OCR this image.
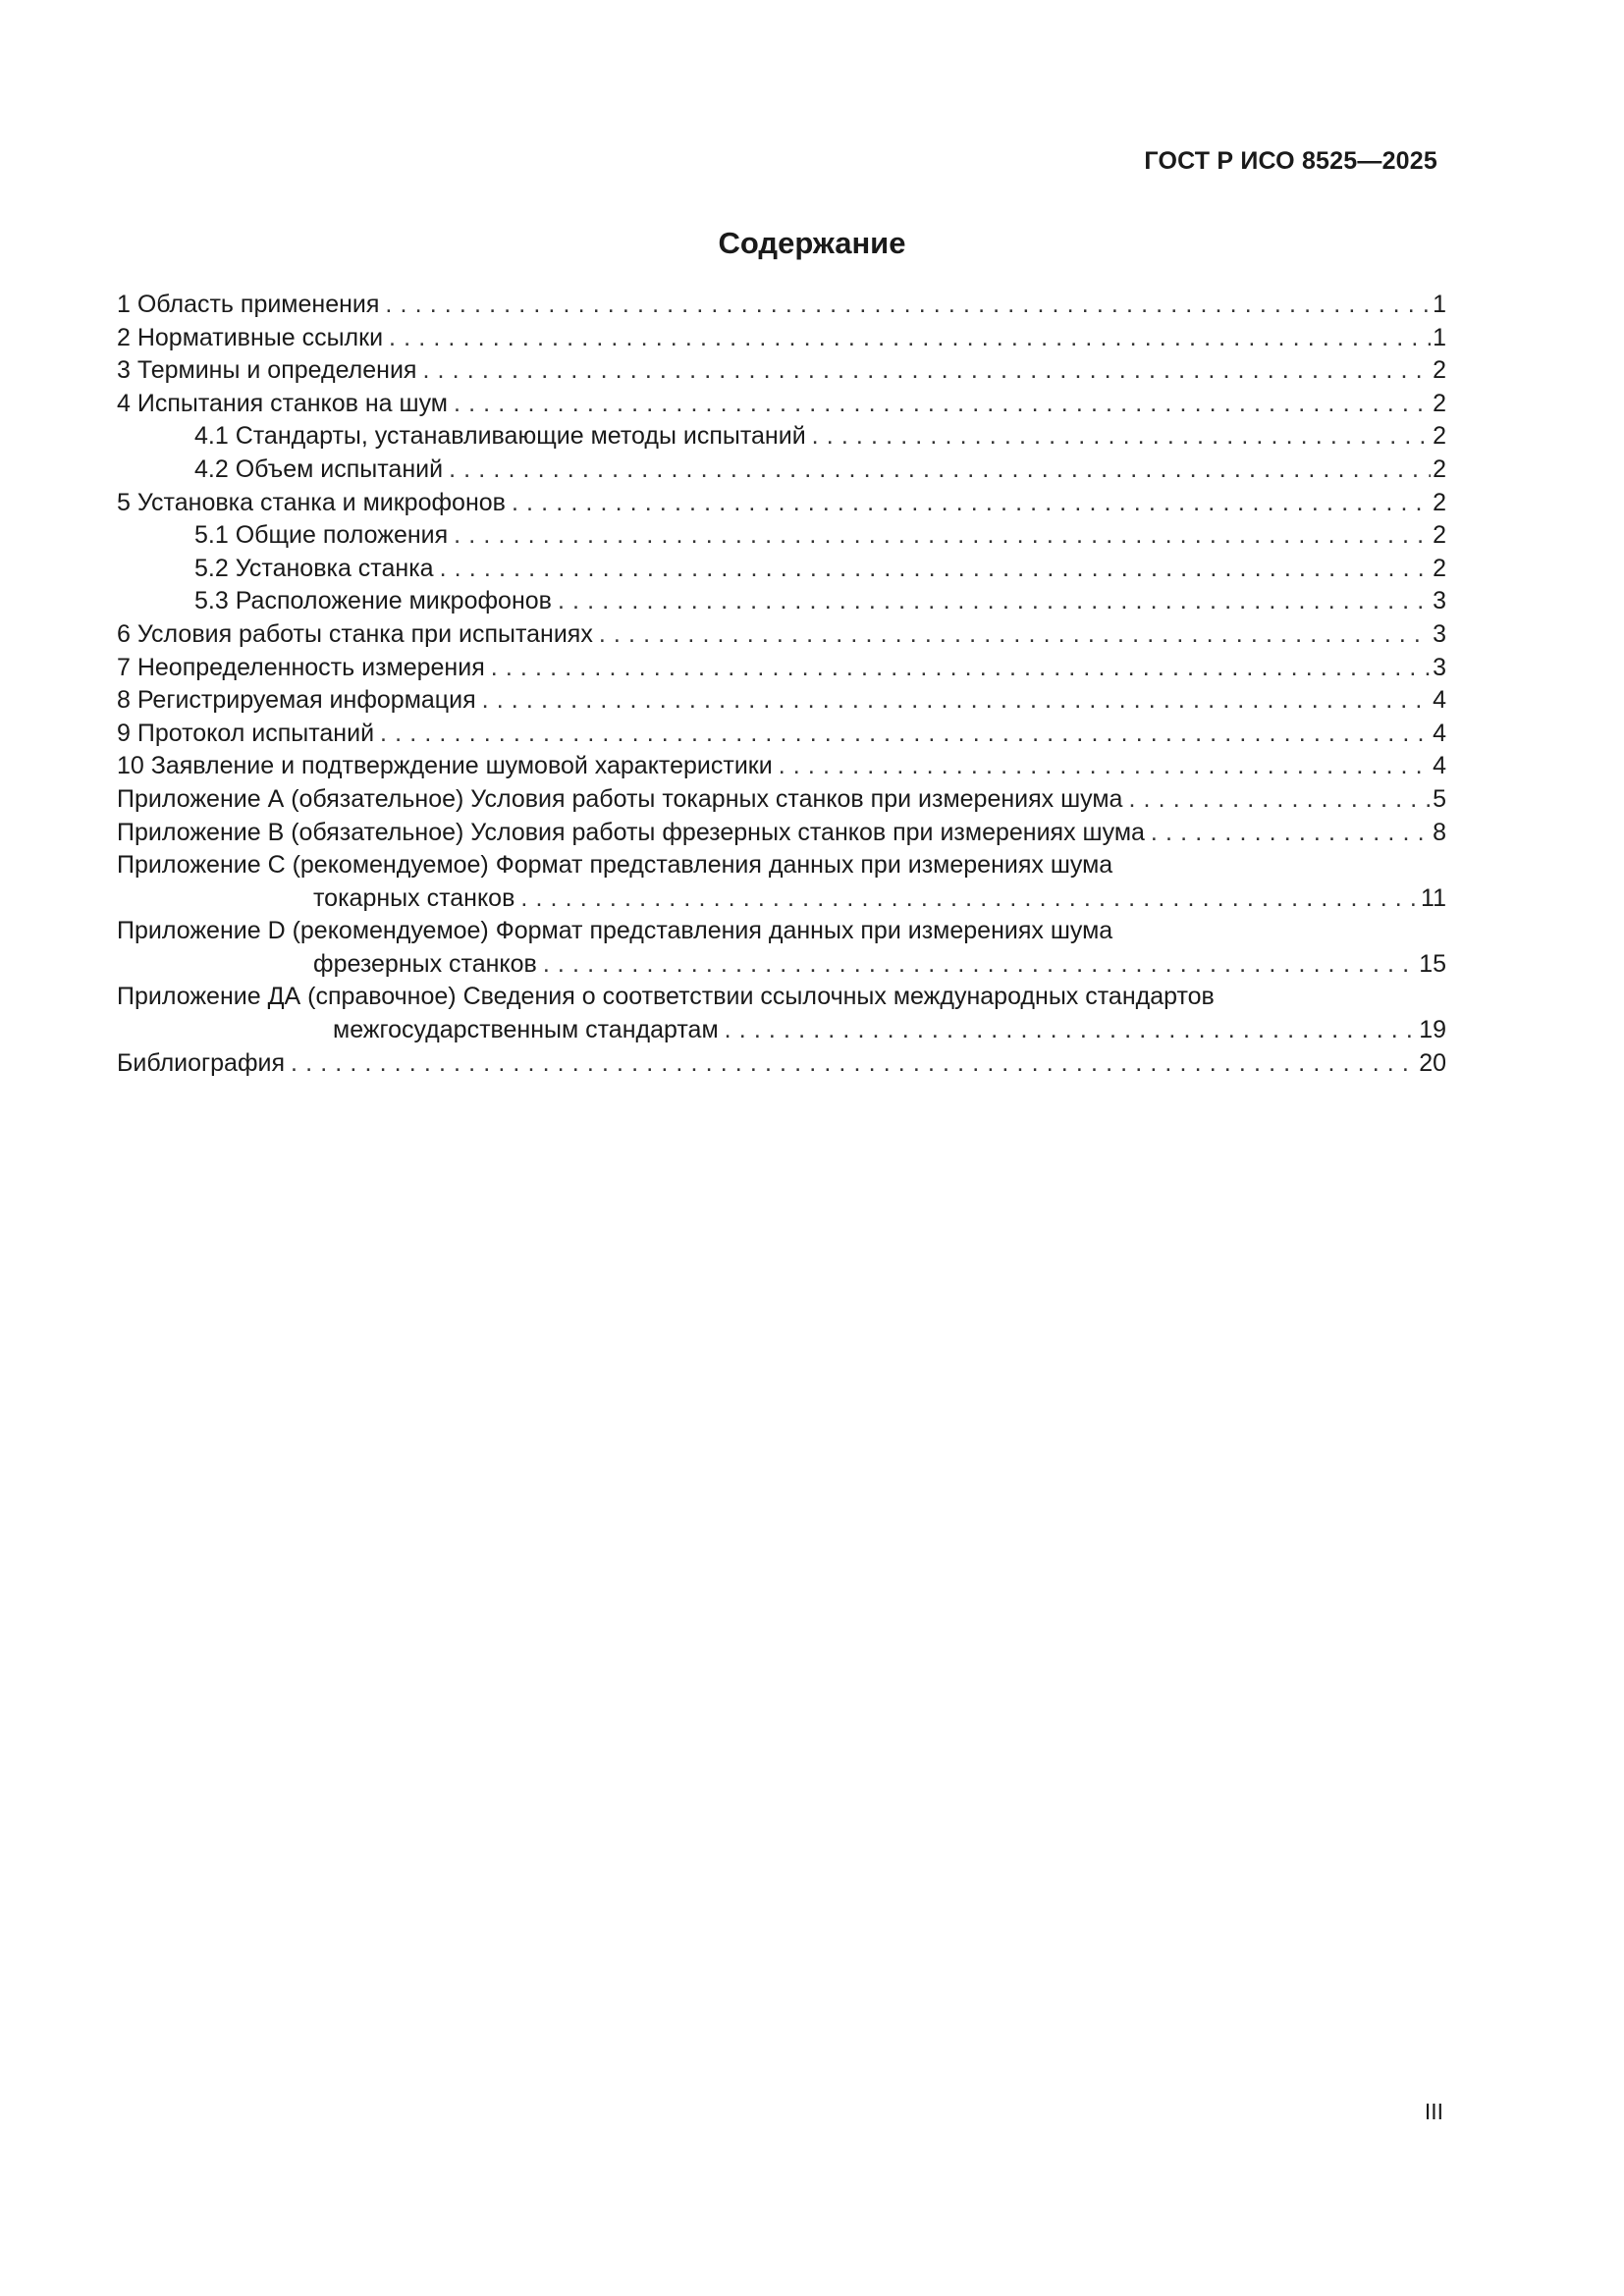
ГОСТ Р ИСО 8525—2025
Содержание
1 Область применения . . .	1
2 Нормативные ссылки . . .	1
3 Термины и определения . . .	2
4 Испытания станков на шум . . .	2
4.1 Стандарты, устанавливающие методы испытаний . . .	2
4.2 Объем испытаний . . .	2
5 Установка станка и микрофонов . . .	2
5.1 Общие положения . . .	2
5.2 Установка станка . . .	2
5.3 Расположение микрофонов . . .	3
6 Условия работы станка при испытаниях . . .	3
7 Неопределенность измерения . . .	3
8 Регистрируемая информация . . .	4
9 Протокол испытаний . . .	4
10 Заявление и подтверждение шумовой характеристики . . .	4
Приложение А (обязательное) Условия работы токарных станков при измерениях шума . . .	5
Приложение В (обязательное) Условия работы фрезерных станков при измерениях шума . . .	8
Приложение С (рекомендуемое) Формат представления данных при измерениях шума
токарных станков . . .	11
Приложение D (рекомендуемое) Формат представления данных при измерениях шума
фрезерных станков . . .	15
Приложение ДА (справочное) Сведения о соответствии ссылочных международных стандартов
межгосударственным стандартам . . .	19
Библиография . . .	20
III
